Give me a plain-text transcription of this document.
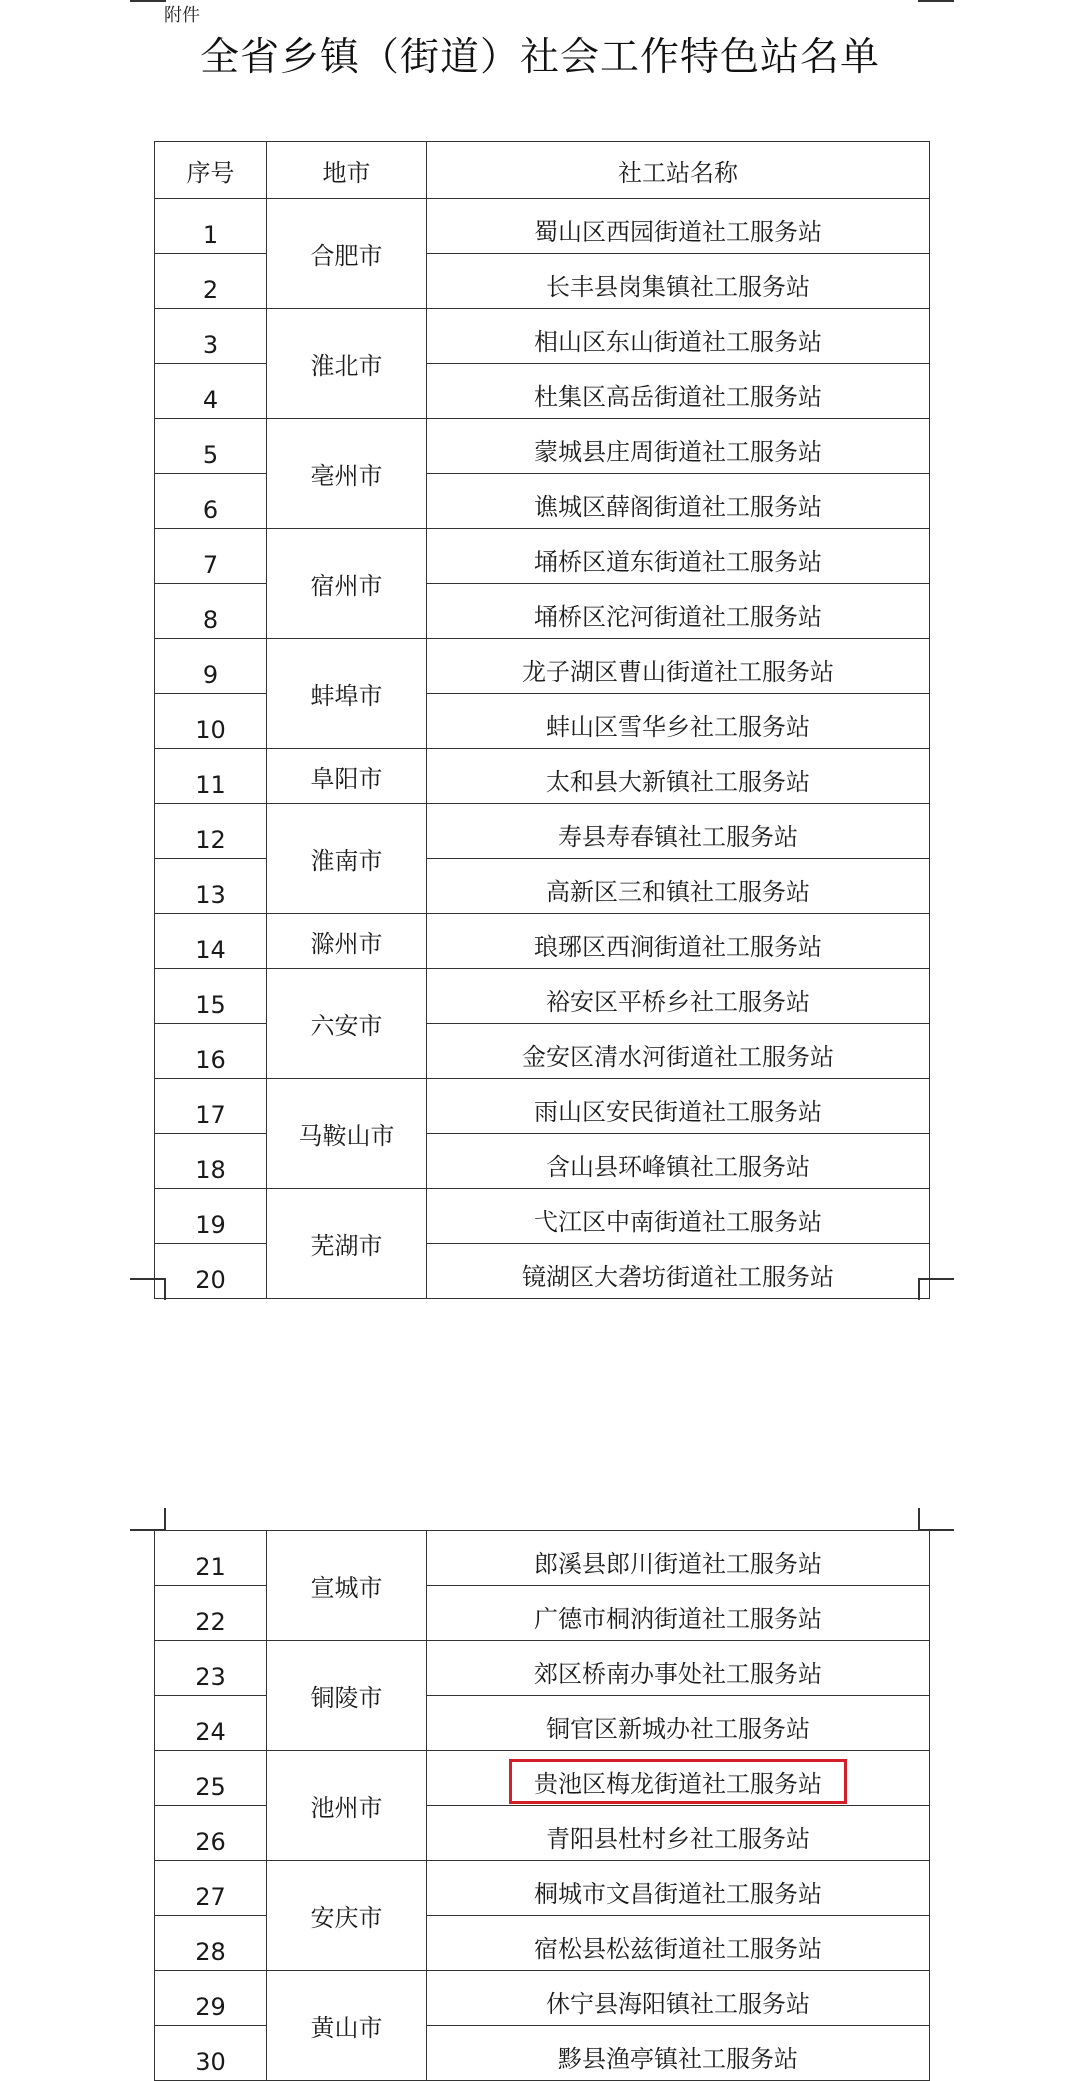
附件
全省乡镇（街道）社会工作特色站名单
序号	地市	社工站名称
1	合肥市	蜀山区西园街道社工服务站
2		长丰县岗集镇社工服务站
3	淮北市	相山区东山街道社工服务站
4		杜集区高岳街道社工服务站
5	亳州市	蒙城县庄周街道社工服务站
6		谯城区薛阁街道社工服务站
7	宿州市	埇桥区道东街道社工服务站
8		埇桥区沱河街道社工服务站
9	蚌埠市	龙子湖区曹山街道社工服务站
10		蚌山区雪华乡社工服务站
11	阜阳市	太和县大新镇社工服务站
12	淮南市	寿县寿春镇社工服务站
13		高新区三和镇社工服务站
14	滁州市	琅琊区西涧街道社工服务站
15	六安市	裕安区平桥乡社工服务站
16		金安区清水河街道社工服务站
17	马鞍山市	雨山区安民街道社工服务站
18		含山县环峰镇社工服务站
19	芜湖市	弋江区中南街道社工服务站
20		镜湖区大砻坊街道社工服务站
21	宣城市	郎溪县郎川街道社工服务站
22		广德市桐汭街道社工服务站
23	铜陵市	郊区桥南办事处社工服务站
24		铜官区新城办社工服务站
25	池州市	贵池区梅龙街道社工服务站
26		青阳县杜村乡社工服务站
27	安庆市	桐城市文昌街道社工服务站
28		宿松县松兹街道社工服务站
29	黄山市	休宁县海阳镇社工服务站
30		黟县渔亭镇社工服务站
